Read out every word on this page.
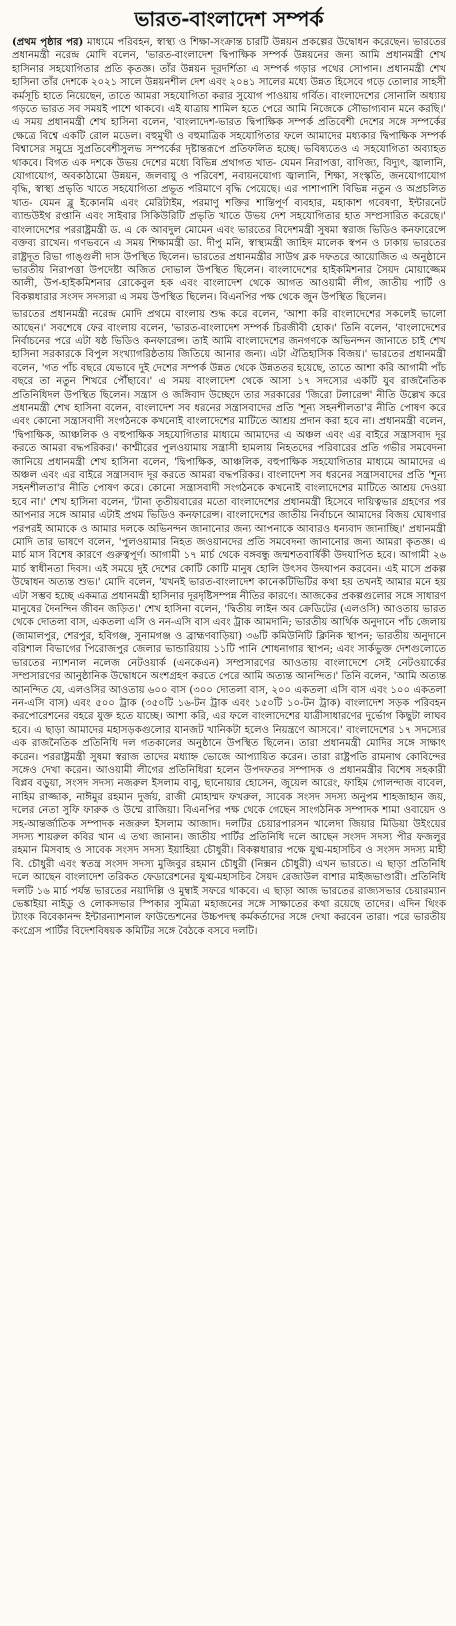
ভারত-বাংলাদেশ সম্পর্ক

(প্রথম পৃষ্ঠার পর) মাধ্যমে পরিবহন, স্বাস্থ্য ও শিক্ষা-সংক্রান্ত চারটি উন্নয়ন প্রকল্পের উদ্বোধন করেছেন। ভারতের প্রধানমন্ত্রী নরেন্দ্র মোদি বলেন, 'ভারত-বাংলাদেশ দ্বিপাক্ষিক সম্পর্ক উন্নয়নের জন্য আমি প্রধানমন্ত্রী শেখ হাসিনার সহযোগিতার প্রতি কৃতজ্ঞ। তাঁর উন্নয়ন দূরদর্শিতা এ সম্পর্ক গড়ার পথের সোপান। প্রধানমন্ত্রী শেখ হাসিনা তাঁর দেশকে ২০২১ সালে উন্নয়নশীল দেশ এবং ২০৪১ সালের মধ্যে উন্নত হিসেবে গড়ে তোলার সাহসী কর্মসূচি হাতে নিয়েছেন, তাতে আমরা সহযোগিতা করার সুযোগ পাওয়ায় গর্বিত। বাংলাদেশের সোনালি অধ্যায় গড়তে ভারত সব সময়ই পাশে থাকবে। এই যাত্রায় শামিল হতে পেরে আমি নিজেকে সৌভাগ্যবান মনে করছি।' এ সময় প্রধানমন্ত্রী শেখ হাসিনা বলেন, 'বাংলাদেশ-ভারত দ্বিপাক্ষিক সম্পর্ক প্রতিবেশী দেশের সঙ্গে সম্পর্কের ক্ষেত্রে বিশ্বে একটি রোল মডেল। বহুমুখী ও বহুমাত্রিক সহযোগিতার ফলে আমাদের মধ্যকার দ্বিপাক্ষিক সম্পর্ক বিশ্বাসের সমুদ্রে সুপ্রতিবেশীসুলভ সম্পর্কের দৃষ্টান্তরূপে প্রতিফলিত হচ্ছে। ভবিষ্যতেও এ সহযোগিতা অব্যাহত থাকবে। বিগত এক দশকে উভয় দেশের মধ্যে বিভিন্ন প্রথাগত খাত- যেমন নিরাপত্তা, বাণিজ্য, বিদ্যুৎ, জ্বালানি, যোগাযোগ, অবকাঠামো উন্নয়ন, জলবায়ু ও পরিবেশ, নবায়নযোগ্য জ্বালানি, শিক্ষা, সংস্কৃতি, জনযোগাযোগ বৃদ্ধি, স্বাস্থ্য প্রভৃতি খাতে সহযোগিতা প্রভূত পরিমাণে বৃদ্ধি পেয়েছে। এর পাশাপাশি বিভিন্ন নতুন ও অপ্রচলিত খাত- যেমন ব্লু ইকোনমি এবং মেরিটাইম, পরমাণু শক্তির শান্তিপূর্ণ ব্যবহার, মহাকাশ গবেষণা, ইন্টারনেট ব্যান্ডউইথ রপ্তানি এবং সাইবার সিকিউরিটি প্রভৃতি খাতে উভয় দেশ সহযোগিতার হাত সম্প্রসারিত করেছে।' বাংলাদেশের পররাষ্ট্রমন্ত্রী ড. এ কে আবদুল মোমেন এবং ভারতের বিদেশমন্ত্রী সুষমা স্বরাজ ভিডিও কনফারেন্সে বক্তব্য রাখেন। গণভবনে এ সময় শিক্ষামন্ত্রী ডা. দীপু মনি, স্বাস্থ্যমন্ত্রী জাহিদ মালেক স্বপন ও ঢাকায় ভারতের রাষ্ট্রদূত রিভা গাঙ্গুলী দাস উপস্থিত ছিলেন। ভারতের প্রধানমন্ত্রীর সাউথ ব্লক দফতরে আয়োজিত এ অনুষ্ঠানে ভারতীয় নিরাপত্তা উপদেষ্টা অজিত দোভাল উপস্থিত ছিলেন। বাংলাদেশের হাইকমিশনার সৈয়দ মোয়াজ্জেম আলী, উপ-হাইকমিশনার রোকেবুল হক এবং বাংলাদেশ থেকে আগত আওয়ামী লীগ, জাতীয় পার্টি ও বিকল্পধারার সংসদ সদস্যরা এ সময় উপস্থিত ছিলেন। বিএনপির পক্ষ থেকে জুন উপস্থিত ছিলেন।

ভারতের প্রধানমন্ত্রী নরেন্দ্র মোদি প্রথমে বাংলায় শুদ্ধ করে বলেন, 'আশা করি বাংলাদেশের সকলেই ভালো আছেন।' সবশেষে ফের বাংলায় বলেন, 'ভারত-বাংলাদেশ সম্পর্ক চিরজীবী হোক।' তিনি বলেন, 'বাংলাদেশের নির্বাচনের পরে এটা ষষ্ঠ ভিডিও কনফারেন্স। তাই আমি বাংলাদেশের জনগণকে অভিনন্দন জানাতে চাই শেখ হাসিনা সরকারকে বিপুল সংখ্যাগরিষ্ঠতায় জিতিয়ে আনার জন্য। এটা ঐতিহাসিক বিজয়।' ভারতের প্রধানমন্ত্রী বলেন, 'গত পাঁচ বছরে যেভাবে দুই দেশের সম্পর্ক উন্নত থেকে উন্নততর হয়েছে, তাতে আশা করি আগামী পাঁচ বছরে তা নতুন শিখরে পৌঁছাবে।' এ সময় বাংলাদেশ থেকে আসা ১৭ সদস্যের একটি যুব রাজনৈতিক প্রতিনিধিদল উপস্থিত ছিলেন। সন্ত্রাস ও জঙ্গিবাদ উচ্ছেদে তার সরকারের 'জিরো টলারেন্স' নীতি উল্লেখ করে প্রধানমন্ত্রী শেখ হাসিনা বলেন, বাংলাদেশ সব ধরনের সন্ত্রাসবাদের প্রতি 'শূন্য সহনশীলতা'র নীতি পোষণ করে এবং কোনো সন্ত্রাসবাদী সংগঠনকে কখনোই বাংলাদেশের মাটিতে আশ্রয় প্রদান করা হবে না। প্রধানমন্ত্রী বলেন, 'দ্বিপাক্ষিক, আঞ্চলিক ও বহুপাক্ষিক সহযোগিতার মাধ্যমে আমাদের এ অঞ্চল এবং এর বাইরে সন্ত্রাসবাদ দূর করতে আমরা বদ্ধপরিকর।' কাশ্মীরের পুলওয়ামায় সন্ত্রাসী হামলায় নিহতদের পরিবারের প্রতি গভীর সমবেদনা জানিয়ে প্রধানমন্ত্রী শেখ হাসিনা বলেন, 'দ্বিপাক্ষিক, আঞ্চলিক, বহুপাক্ষিক সহযোগিতার মাধ্যমে আমাদের এ অঞ্চল এবং এর বাইরে সন্ত্রাসবাদ দূর করতে আমরা বদ্ধপরিকর। বাংলাদেশ সব ধরনের সন্ত্রাসবাদের প্রতি 'শূন্য সহনশীলতা'র নীতি পোষণ করে। কোনো সন্ত্রাসবাদী সংগঠনকে কখনোই বাংলাদেশের মাটিতে আশ্রয় দেওয়া হবে না।' শেখ হাসিনা বলেন, 'টানা তৃতীয়বারের মতো বাংলাদেশের প্রধানমন্ত্রী হিসেবে দায়িত্বভার গ্রহণের পর আপনার সঙ্গে আমার এটাই প্রথম ভিডিও কনফারেন্স। বাংলাদেশের জাতীয় নির্বাচনে আমাদের বিজয় ঘোষণার পরপরই আমাকে ও আমার দলকে অভিনন্দন জানানোর জন্য আপনাকে আবারও ধন্যবাদ জানাচ্ছি।' প্রধানমন্ত্রী মোদি তার ভাষণে বলেন, 'পুলওয়ামার নিহত জওয়ানদের প্রতি সমবেদনা জানানোর জন্য আমরা কৃতজ্ঞ। এ মার্চ মাস বিশেষ কারণে গুরুত্বপূর্ণ। আগামী ১৭ মার্চ থেকে বঙ্গবন্ধু জন্মশতবার্ষিকী উদযাপিত হবে। আগামী ২৬ মার্চ স্বাধীনতা দিবস। এই সময়ে দুই দেশের কোটি কোটি মানুষ হোলি উৎসব উদযাপন করবেন। এই মাসে প্রকল্প উদ্বোধন অত্যন্ত শুভ।' মোদি বলেন, 'যখনই ভারত-বাংলাদেশ কানেকটিভিটির কথা হয় তখনই আমার মনে হয় এটা সম্ভব হচ্ছে একমাত্র প্রধানমন্ত্রী হাসিনার দূরদৃষ্টিসম্পন্ন নীতির কারণে। আজকের প্রকল্পগুলোর সঙ্গে সাধারণ মানুষের দৈনন্দিন জীবন জড়িত।' শেখ হাসিনা বলেন, 'দ্বিতীয় লাইন অব ক্রেডিটের (এলওসি) আওতায় ভারত থেকে দোতলা বাস, একতলা এসি ও নন-এসি বাস এবং ট্রাক আমদানি; ভারতীয় আর্থিক অনুদানে পাঁচ জেলায় (জামালপুর, শেরপুর, হবিগঞ্জ, সুনামগঞ্জ ও ব্রাহ্মণবাড়িয়া) ৩৬টি কমিউনিটি ক্লিনিক স্থাপন; ভারতীয় অনুদানে বরিশাল বিভাগের পিরোজপুর জেলার ভান্ডারিয়ায় ১১টি পানি শোধনাগার স্থাপন; এবং সার্কভুক্ত দেশগুলোতে ভারতের ন্যাশনাল নলেজ নেটওয়ার্ক (এনকেএন) সম্প্রসারণের আওতায় বাংলাদেশে সেই নেটওয়ার্কের সম্প্রসারণের আনুষ্ঠানিক উদ্বোধনে অংশগ্রহণ করতে পেরে আমি অত্যন্ত আনন্দিত।' তিনি বলেন, 'আমি অত্যন্ত আনন্দিত যে, এলওসির আওতায় ৬০০ বাস (৩০০ দোতলা বাস, ২০০ একতলা এসি বাস এবং ১০০ একতলা নন-এসি বাস) এবং ৫০০ ট্রাক (৩৫০টি ১৬-টন ট্রাক এবং ১৫০টি ১০-টন ট্রাক) বাংলাদেশ সড়ক পরিবহন করপোরেশনের বহরে যুক্ত হতে যাচ্ছে। আশা করি, এর ফলে বাংলাদেশের যাত্রীসাধারণের দুর্ভোগ কিছুটা লাঘব হবে। এ ছাড়া আমাদের মহাসড়কগুলোর যানজট খানিকটা হলেও নিয়ন্ত্রণে আসবে।' বাংলাদেশের ১৭ সদস্যের এক রাজনৈতিক প্রতিনিধি দল গতকালের অনুষ্ঠানে উপস্থিত ছিলেন। তারা প্রধানমন্ত্রী মোদির সঙ্গে সাক্ষাৎ করেন। পররাষ্ট্রমন্ত্রী সুষমা স্বরাজ তাদের মধ্যাহ্ন ভোজে আপ্যায়িত করেন। তারা রাষ্ট্রপতি রামনাথ কোবিন্দের সঙ্গেও দেখা করেন। আওয়ামী লীগের প্রতিনিধিরা হলেন উপদফতর সম্পাদক ও প্রধানমন্ত্রীর বিশেষ সহকারী বিপ্লব বড়ুয়া, সংসদ সদস্য নজরুল ইসলাম বাবু, ছানোয়ার হোসেন, জুয়েল আরেং, ফাহিম গোলন্দাজ বাবেল, নাহিম রাজ্জাক, নাঈমুর রহমান দুর্জয়, রাজী মোহাম্মদ ফখরুল, সাবেক সংসদ সদস্য অনুপম শাহজাহান জয়, দলের নেতা সুফি ফারুক ও উম্মে রাজিয়া। বিএনপির পক্ষ থেকে গেছেন সাংগঠনিক সম্পাদক শামা ওবায়েদ ও সহ-আন্তর্জাতিক সম্পাদক নজরুল ইসলাম আজাদ। দলটির চেয়ারপারসন খালেদা জিয়ার মিডিয়া উইংয়ের সদস্য শায়রুল কবির খান এ তথ্য জানান। জাতীয় পার্টির প্রতিনিধি দলে আছেন সংসদ সদস্য পীর ফজলুর রহমান মিসবাহ ও সাবেক সংসদ সদস্য ইয়াহিয়া চৌধুরী। বিকল্পধারার পক্ষে যুগ্ম-মহাসচিব ও সংসদ সদস্য মাহী বি. চৌধুরী এবং স্বতন্ত্র সংসদ সদস্য মুজিবুর রহমান চৌধুরী (নিক্সন চৌধুরী) এখন ভারতে। এ ছাড়া প্রতিনিধি দলে আছেন বাংলাদেশ তরিকত ফেডারেশনের যুগ্ম-মহাসচিব সৈয়দ রেজাউল বাশার মাইজভাণ্ডারী। প্রতিনিধি দলটি ১৬ মার্চ পর্যন্ত ভারতের নয়াদিল্লি ও মুম্বাই সফরে থাকবে। এ ছাড়া আজ ভারতের রাজ্যসভার চেয়ারম্যান ভেঙ্কাইয়া নাইডু ও লোকসভার স্পিকার সুমিত্রা মহাজনের সঙ্গে সাক্ষাতের কথা রয়েছে তাদের। এদিন থিংক ট্যাংক বিবেকানন্দ ইন্টারন্যাশনাল ফাউন্ডেশনের উচ্চপদস্থ কর্মকর্তাদের সঙ্গে দেখা করবেন তারা। পরে ভারতীয় কংগ্রেস পার্টির বিদেশবিষয়ক কমিটির সঙ্গে বৈঠকে বসবে দলটি।
